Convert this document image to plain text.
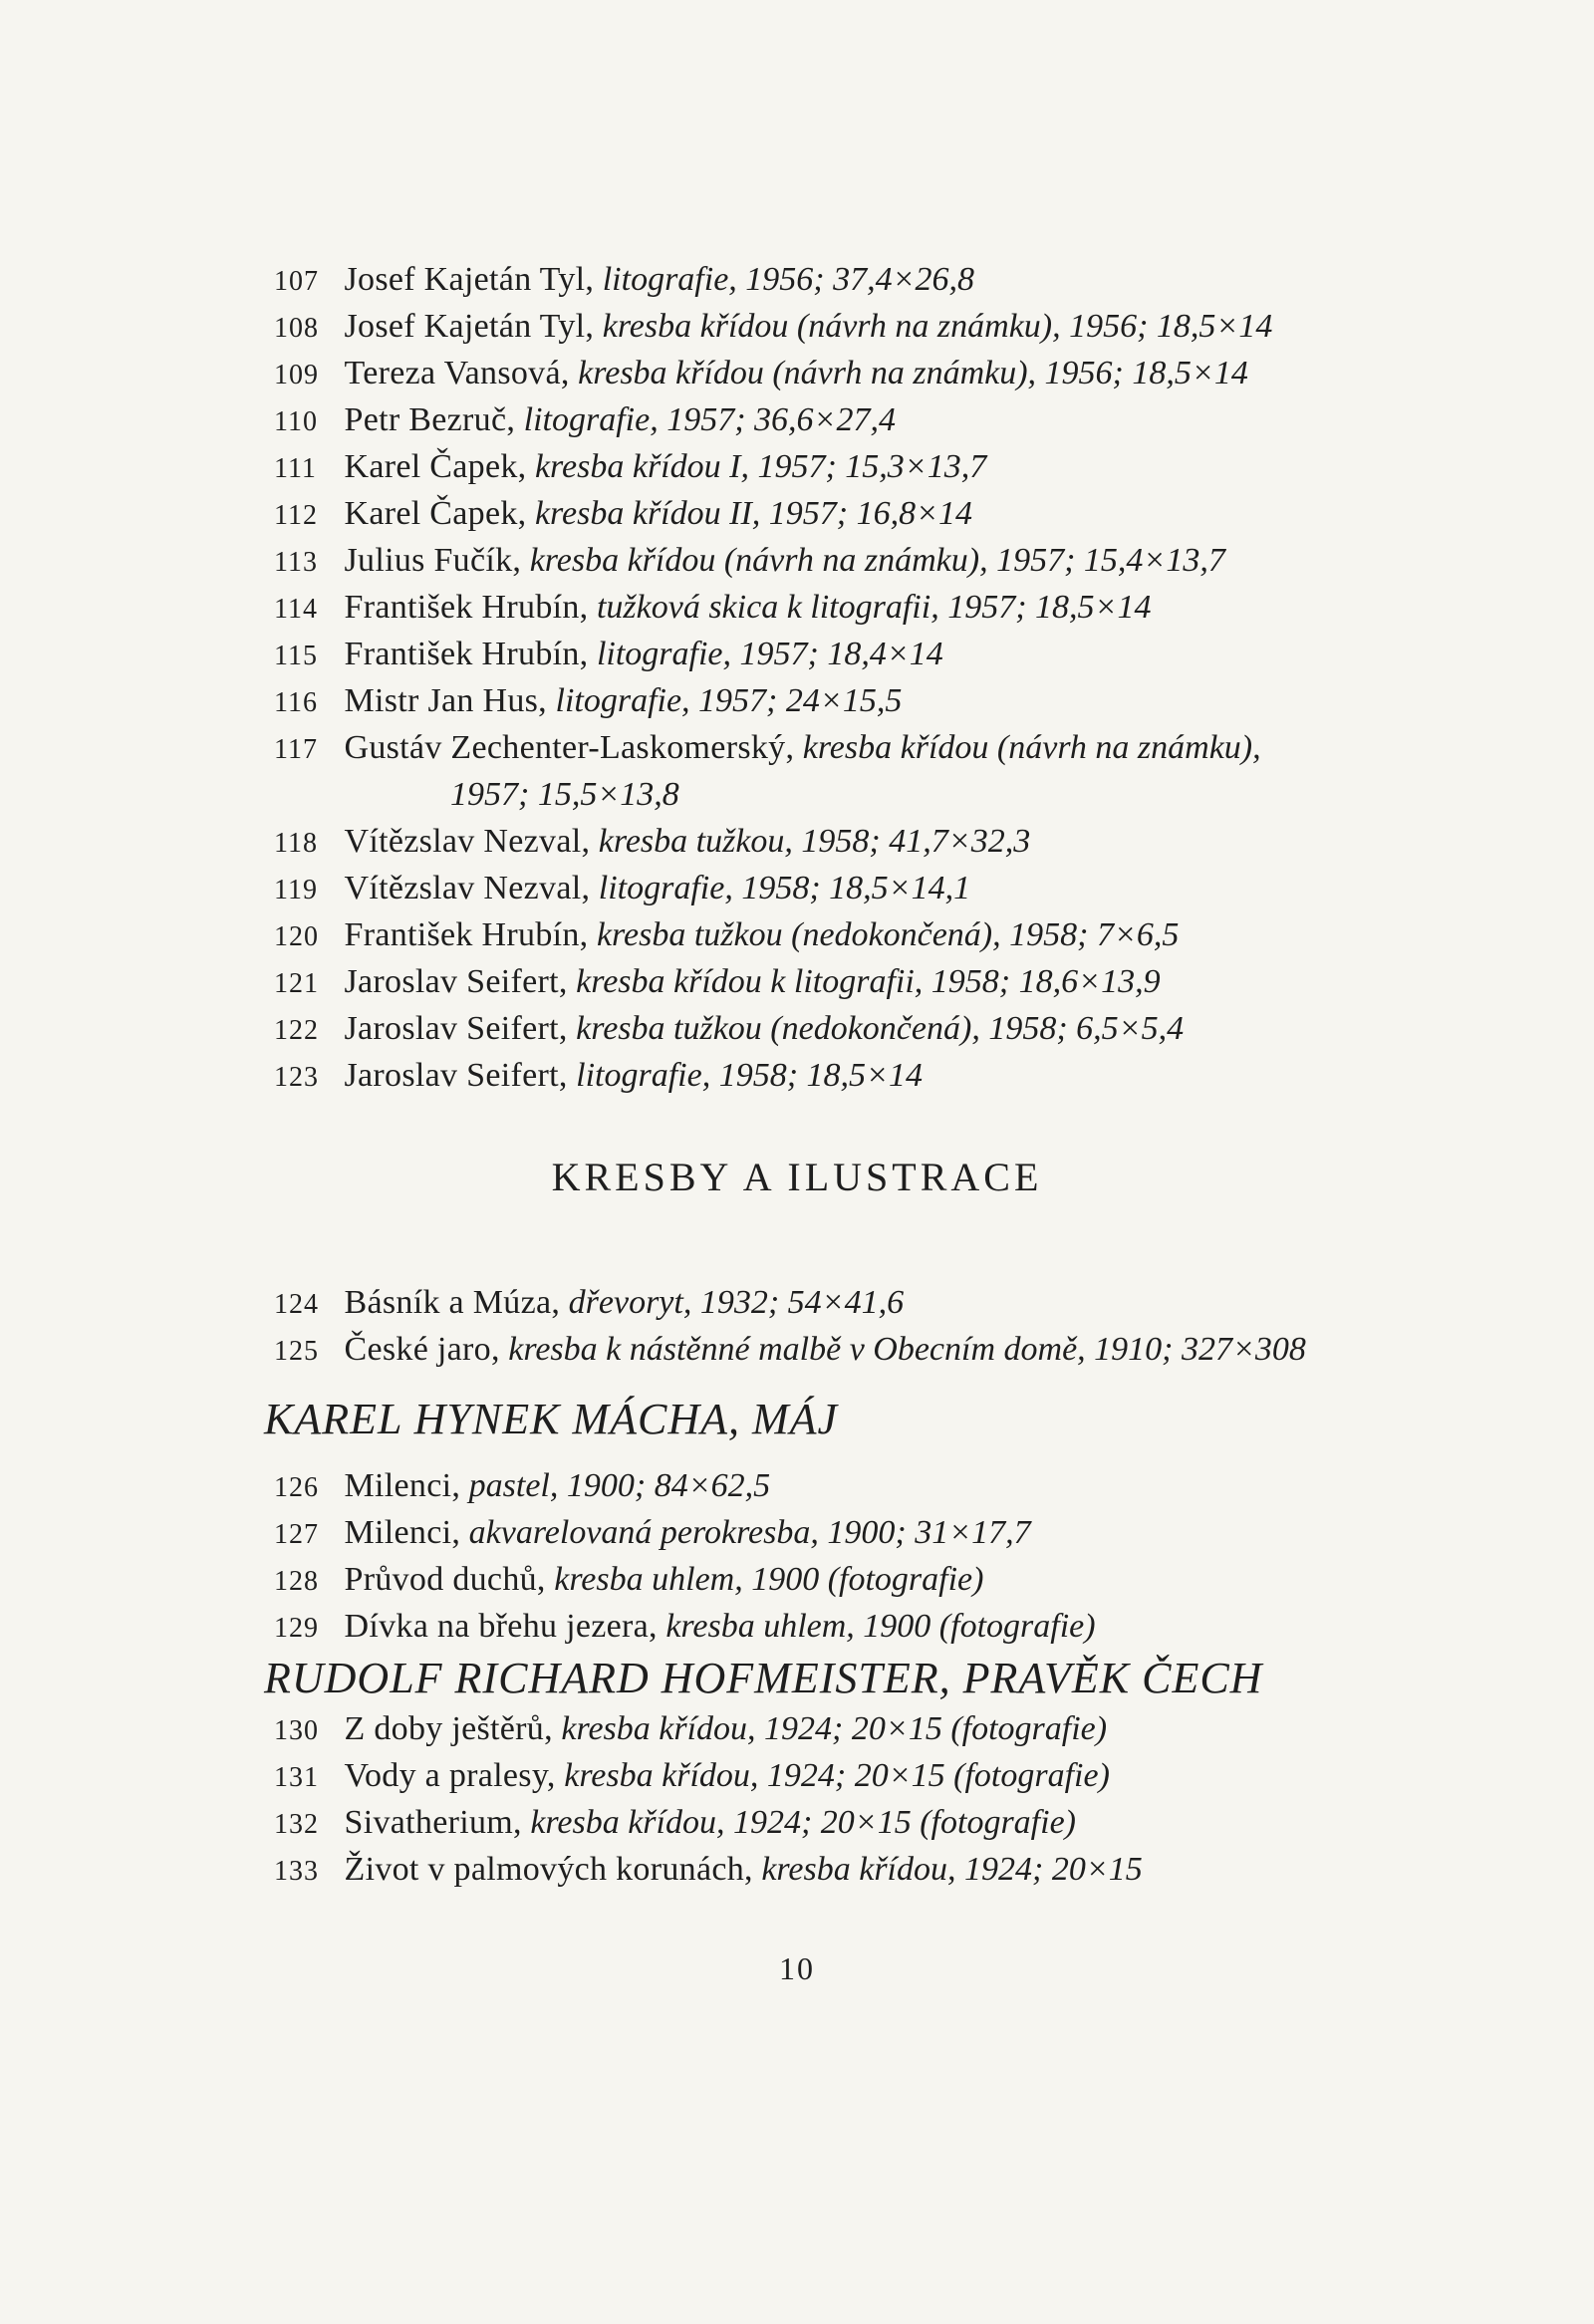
107 Josef Kajetán Tyl, litografie, 1956; 37,4×26,8
108 Josef Kajetán Tyl, kresba křídou (návrh na známku), 1956; 18,5×14
109 Tereza Vansová, kresba křídou (návrh na známku), 1956; 18,5×14
110 Petr Bezruč, litografie, 1957; 36,6×27,4
111 Karel Čapek, kresba křídou I, 1957; 15,3×13,7
112 Karel Čapek, kresba křídou II, 1957; 16,8×14
113 Julius Fučík, kresba křídou (návrh na známku), 1957; 15,4×13,7
114 František Hrubín, tužková skica k litografii, 1957; 18,5×14
115 František Hrubín, litografie, 1957; 18,4×14
116 Mistr Jan Hus, litografie, 1957; 24×15,5
117 Gustáv Zechenter-Laskomerský, kresba křídou (návrh na známku),
1957; 15,5×13,8
118 Vítězslav Nezval, kresba tužkou, 1958; 41,7×32,3
119 Vítězslav Nezval, litografie, 1958; 18,5×14,1
120 František Hrubín, kresba tužkou (nedokončená), 1958; 7×6,5
121 Jaroslav Seifert, kresba křídou k litografii, 1958; 18,6×13,9
122 Jaroslav Seifert, kresba tužkou (nedokončená), 1958; 6,5×5,4
123 Jaroslav Seifert, litografie, 1958; 18,5×14
KRESBY A ILUSTRACE
124 Básník a Múza, dřevoryt, 1932; 54×41,6
125 České jaro, kresba k nástěnné malbě v Obecním domě, 1910; 327×308
KAREL HYNEK MÁCHA, MÁJ
126 Milenci, pastel, 1900; 84×62,5
127 Milenci, akvarelovaná perokresba, 1900; 31×17,7
128 Průvod duchů, kresba uhlem, 1900 (fotografie)
129 Dívka na břehu jezera, kresba uhlem, 1900 (fotografie)
RUDOLF RICHARD HOFMEISTER, PRAVĚK ČECH
130 Z doby ještěrů, kresba křídou, 1924; 20×15 (fotografie)
131 Vody a pralesy, kresba křídou, 1924; 20×15 (fotografie)
132 Sivatherium, kresba křídou, 1924; 20×15 (fotografie)
133 Život v palmových korunách, kresba křídou, 1924; 20×15
10
